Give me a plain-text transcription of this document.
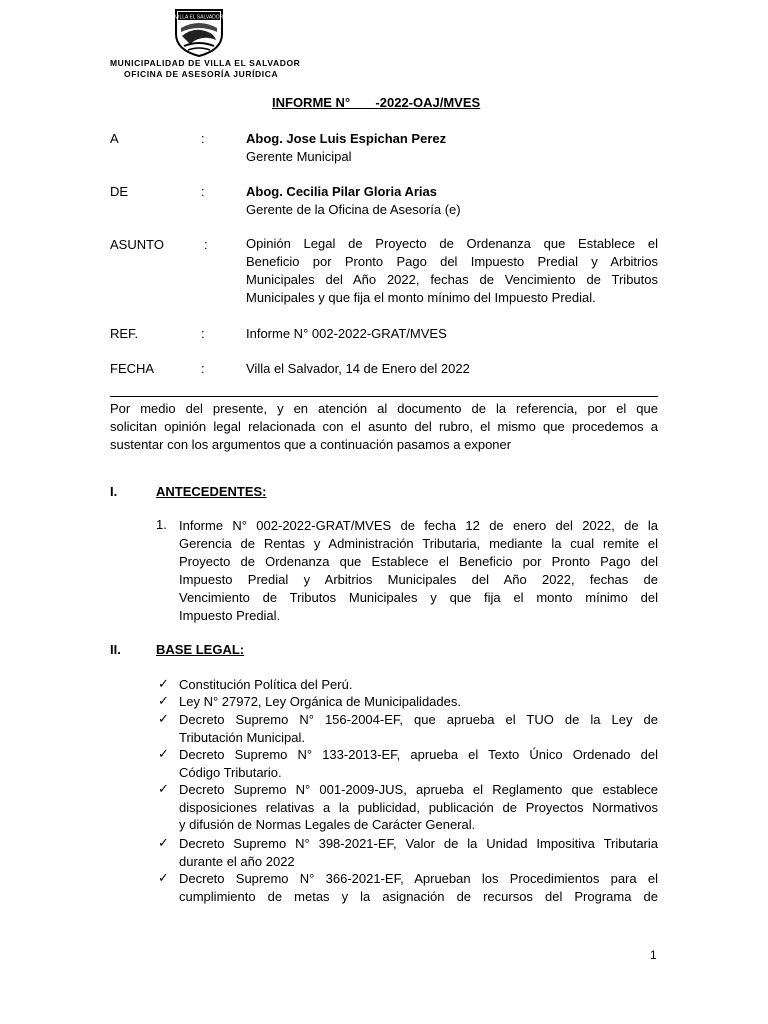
VILLA EL SALVADOR
MUNICIPALIDAD DE VILLA EL SALVADOR
OFICINA DE ASESORÍA JURÍDICA
INFORME N°       -2022-OAJ/MVES
A	:	Abog. Jose Luis Espichan Perez
Gerente Municipal
DE	:	Abog. Cecilia Pilar Gloria Arias
Gerente de la Oficina de Asesoría (e)
ASUNTO	:	Opinión Legal de Proyecto de Ordenanza que Establece el
Beneficio por Pronto Pago del Impuesto Predial y Arbitrios
Municipales del Año 2022, fechas de Vencimiento de Tributos
Municipales y que fija el monto mínimo del Impuesto Predial.
REF.	:	Informe N° 002-2022-GRAT/MVES
FECHA	:	Villa el Salvador, 14 de Enero del 2022
Por medio del presente, y en atención al documento de la referencia, por el que
solicitan opinión legal relacionada con el asunto del rubro, el mismo que procedemos a
sustentar con los argumentos que a continuación pasamos a exponer
I.	ANTECEDENTES:
1. Informe N° 002-2022-GRAT/MVES de fecha 12 de enero del 2022, de la
Gerencia de Rentas y Administración Tributaria, mediante la cual remite el
Proyecto de Ordenanza que Establece el Beneficio por Pronto Pago del
Impuesto Predial y Arbitrios Municipales del Año 2022, fechas de
Vencimiento de Tributos Municipales y que fija el monto mínimo del
Impuesto Predial.
II.	BASE LEGAL:
✓ Constitución Política del Perú.
✓ Ley N° 27972, Ley Orgánica de Municipalidades.
✓ Decreto Supremo N° 156-2004-EF, que aprueba el TUO de la Ley de
Tributación Municipal.
✓ Decreto Supremo N° 133-2013-EF, aprueba el Texto Único Ordenado del
Código Tributario.
✓ Decreto Supremo N° 001-2009-JUS, aprueba el Reglamento que establece
disposiciones relativas a la publicidad, publicación de Proyectos Normativos
y difusión de Normas Legales de Carácter General.
✓ Decreto Supremo N° 398-2021-EF, Valor de la Unidad Impositiva Tributaria
durante el año 2022
✓ Decreto Supremo N° 366-2021-EF, Aprueban los Procedimientos para el
cumplimiento de metas y la asignación de recursos del Programa de
1
